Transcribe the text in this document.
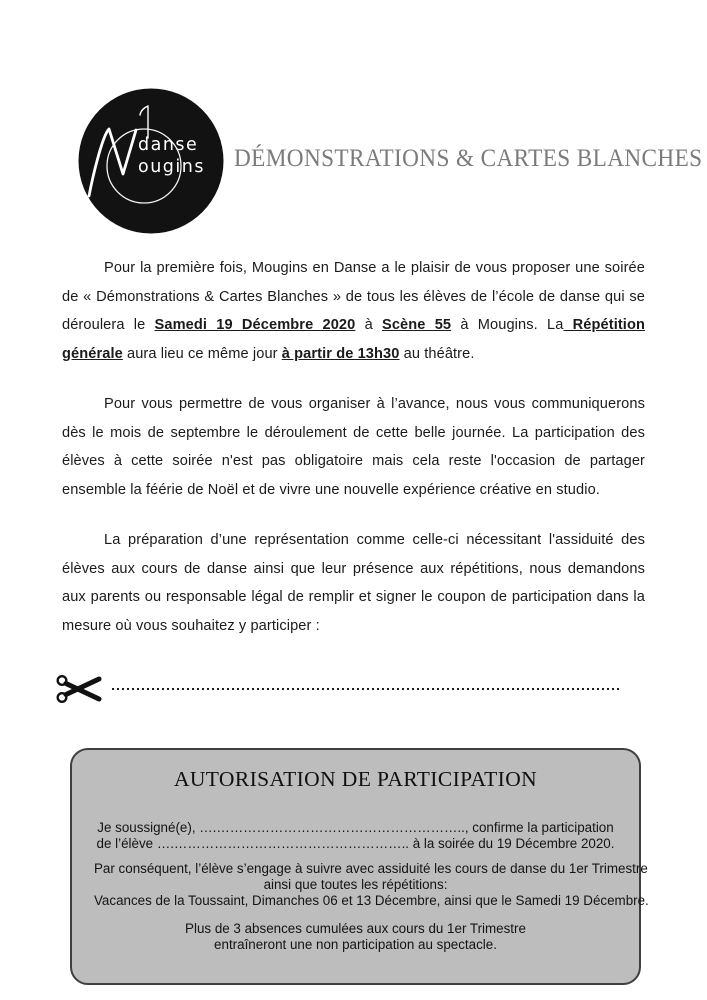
danse
ougins DÉMONSTRATIONS & CARTES BLANCHES

Pour la première fois, Mougins en Danse a le plaisir de vous proposer une soirée de « Démonstrations & Cartes Blanches » de tous les élèves de l’école de danse qui se déroulera le Samedi 19 Décembre 2020 à Scène 55 à Mougins. La Répétition générale aura lieu ce même jour à partir de 13h30 au théâtre.

Pour vous permettre de vous organiser à l’avance, nous vous communiquerons dès le mois de septembre le déroulement de cette belle journée. La participation des élèves à cette soirée n'est pas obligatoire mais cela reste l'occasion de partager ensemble la féérie de Noël et de vivre une nouvelle expérience créative en studio.

La préparation d’une représentation comme celle-ci nécessitant l'assiduité des élèves aux cours de danse ainsi que leur présence aux répétitions, nous demandons aux parents ou responsable légal de remplir et signer le coupon de participation dans la mesure où vous souhaitez y participer :

AUTORISATION DE PARTICIPATION
Je soussigné(e), ….……………………………………………….., confirme la participation
de l’élève ….…………………………………………….. à la soirée du 19 Décembre 2020.
Par conséquent, l’élève s’engage à suivre avec assiduité les cours de danse du 1er Trimestre
ainsi que toutes les répétitions:
Vacances de la Toussaint, Dimanches 06 et 13 Décembre, ainsi que le Samedi 19 Décembre.
Plus de 3 absences cumulées aux cours du 1er Trimestre
entraîneront une non participation au spectacle.
